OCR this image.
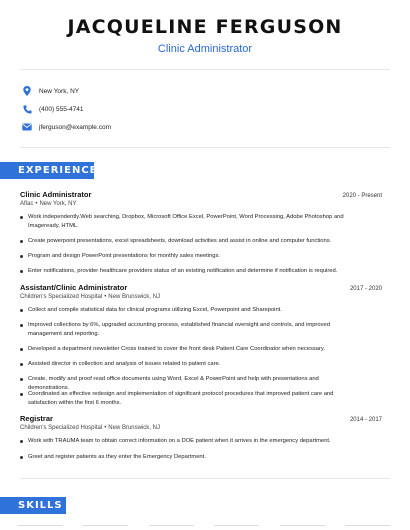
JACQUELINE FERGUSON
Clinic Administrator
New York, NY
(400) 555-4741
jferguson@example.com
EXPERIENCE
Clinic Administrator	2020 - Present
Aflac • New York, NY
Work independently.Web searching, Dropbox, Microsoft Office Excel, PowerPoint, Word Processing, Adobe Photoshop and Imageready, HTML.
Create powerpoint presentations, excel spreadsheets, download activities and assist in online and computer functions.
Program and design PowerPoint presentations for monthly sales meetings.
Enter notifications, provider healthcare providers status of an existing notification and determine if notification is required.
Assistant/Clinic Administrator	2017 - 2020
Children's Specialized Hospital • New Brunswick, NJ
Collect and compile statistical data for clinical programs utilizing Excel, Powerpoint and Sharepoint.
Improved collections by 6%, upgraded accounting process, established financial oversight and controls, and improved management and reporting.
Developed a department newsletter Cross trained to cover the front desk Patient Care Coordinator when necessary.
Assisted director in collection and analysis of issues related to patient care.
Create, modify and proof read office documents using Word, Excel & PowerPoint and help with presentations and demonstrations.
Coordinated an effective redesign and implementation of significant protocol procedures that improved patient care and satisfaction within the first 6 months.
Registrar	2014 - 2017
Children's Specialized Hospital • New Brunswick, NJ
Work with TRAUMA team to obtain correct information on a DOE patient when it arrives in the emergency department.
Greet and register patients as they enter the Emergency Department.
SKILLS
